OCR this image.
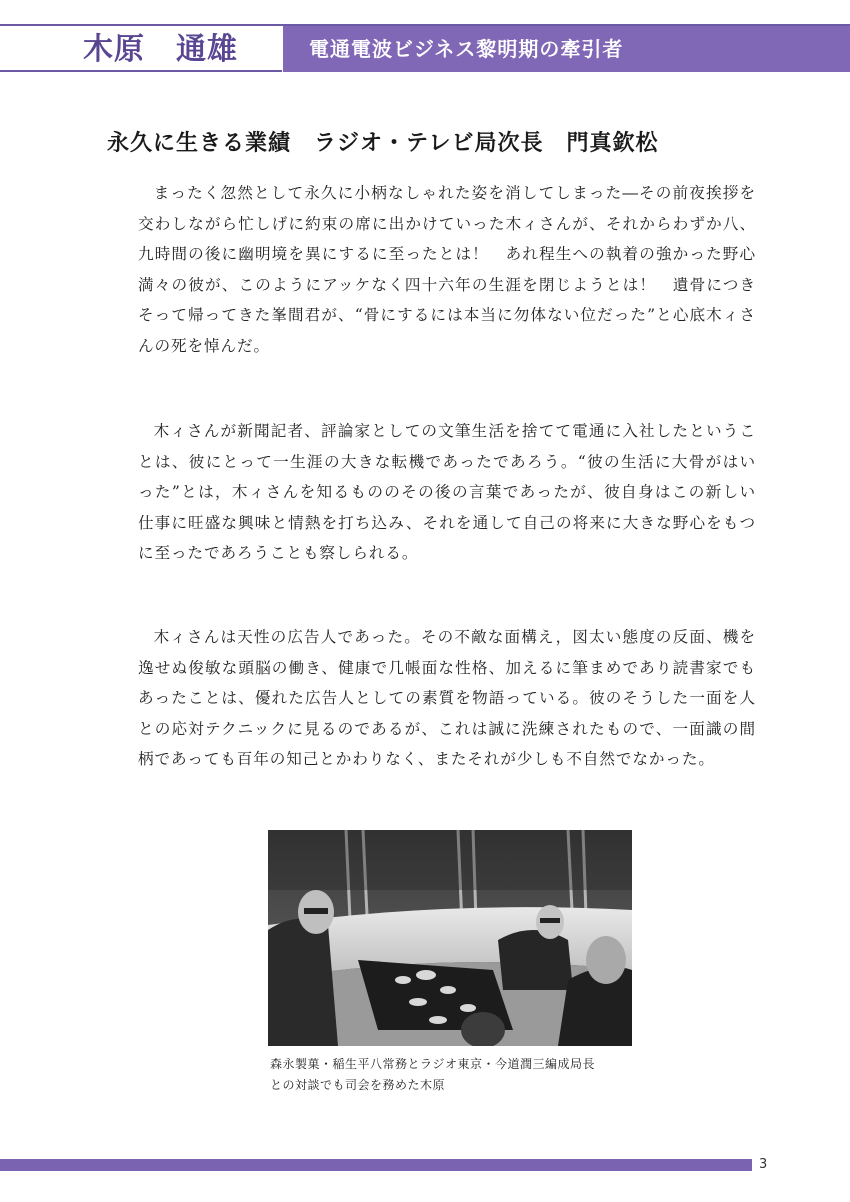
木原　通雄	電通電波ビジネス黎明期の牽引者
永久に生きる業績　ラジオ・テレビ局次長　門真欽松

まったく忽然として永久に小柄なしゃれた姿を消してしまった―その前夜挨拶を交わしながら忙しげに約束の席に出かけていった木ィさんが、それからわずか八、九時間の後に幽明境を異にするに至ったとは！　あれ程生への執着の強かった野心満々の彼が、このようにアッケなく四十六年の生涯を閉じようとは！　遺骨につきそって帰ってきた峯間君が、“骨にするには本当に勿体ない位だった”と心底木ィさんの死を悼んだ。

木ィさんが新聞記者、評論家としての文筆生活を捨てて電通に入社したということは、彼にとって一生涯の大きな転機であったであろう。“彼の生活に大骨がはいった”とは，木ィさんを知るもののその後の言葉であったが、彼自身はこの新しい仕事に旺盛な興味と情熱を打ち込み、それを通して自己の将来に大きな野心をもつに至ったであろうことも察しられる。

木ィさんは天性の広告人であった。その不敵な面構え，図太い態度の反面、機を逸せぬ俊敏な頭脳の働き、健康で几帳面な性格、加えるに筆まめであり読書家でもあったことは、優れた広告人としての素質を物語っている。彼のそうした一面を人との応対テクニックに見るのであるが、これは誠に洗練されたもので、一面識の間柄であっても百年の知己とかわりなく、またそれが少しも不自然でなかった。

森永製菓・稲生平八常務とラジオ東京・今道潤三編成局長
との対談でも司会を務めた木原
3
